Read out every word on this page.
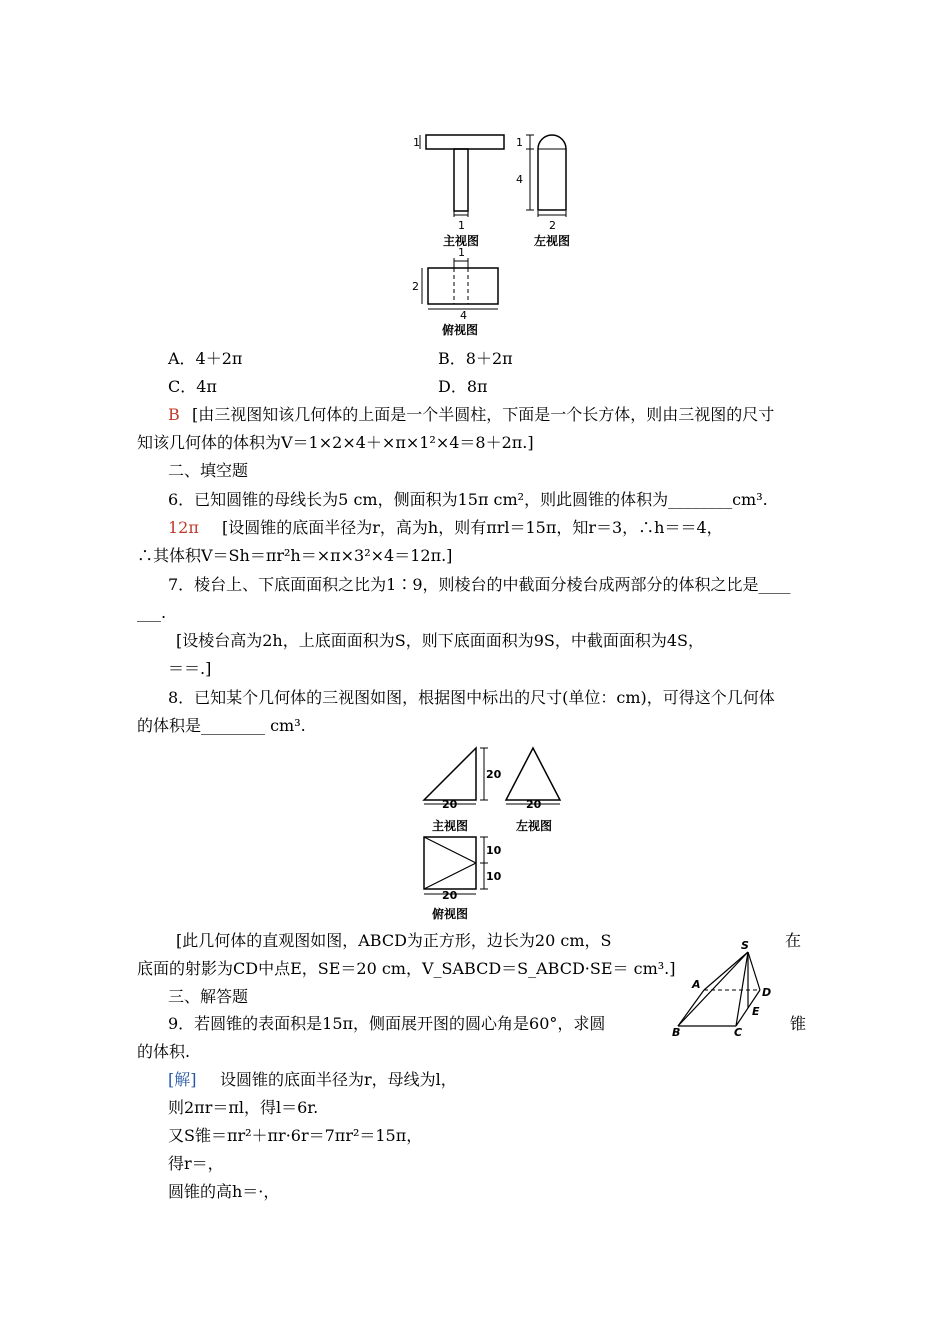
1
1
1
4
2
1
2
4
主视图	左视图
俯视图
A．4＋2π	B．8＋2π
C．4π	D．8π
B [由三视图知该几何体的上面是一个半圆柱，下面是一个长方体，则由三视图的尺寸
知该几何体的体积为V＝1×2×4＋×π×1²×4＝8＋2π.]
二、填空题
6．已知圆锥的母线长为5 cm，侧面积为15π cm²，则此圆锥的体积为________cm³.
12π [设圆锥的底面半径为r，高为h，则有πrl＝15π，知r＝3，∴h＝＝4，
∴其体积V＝Sh＝πr²h＝×π×3²×4＝12π.]
7．棱台上、下底面面积之比为1∶9，则棱台的中截面分棱台成两部分的体积之比是____
___.
[设棱台高为2h，上底面面积为S，则下底面面积为9S，中截面面积为4S，
＝＝.]
8．已知某个几何体的三视图如图，根据图中标出的尺寸(单位：cm)，可得这个几何体
的体积是________ cm³.
20
20	20
10
10
20
主视图	左视图
俯视图
[此几何体的直观图如图，ABCD为正方形，边长为20 cm，S	在
底面的射影为CD中点E，SE＝20 cm，V_SABCD＝S_ABCD·SE＝ cm³.]
S
A
D
E
B	C
三、解答题
9．若圆锥的表面积是15π，侧面展开图的圆心角是60°，求圆	锥
的体积.
[解] 设圆锥的底面半径为r，母线为l，
则2πr＝πl，得l＝6r.
又S锥＝πr²＋πr·6r＝7πr²＝15π，
得r＝，
圆锥的高h＝·，
